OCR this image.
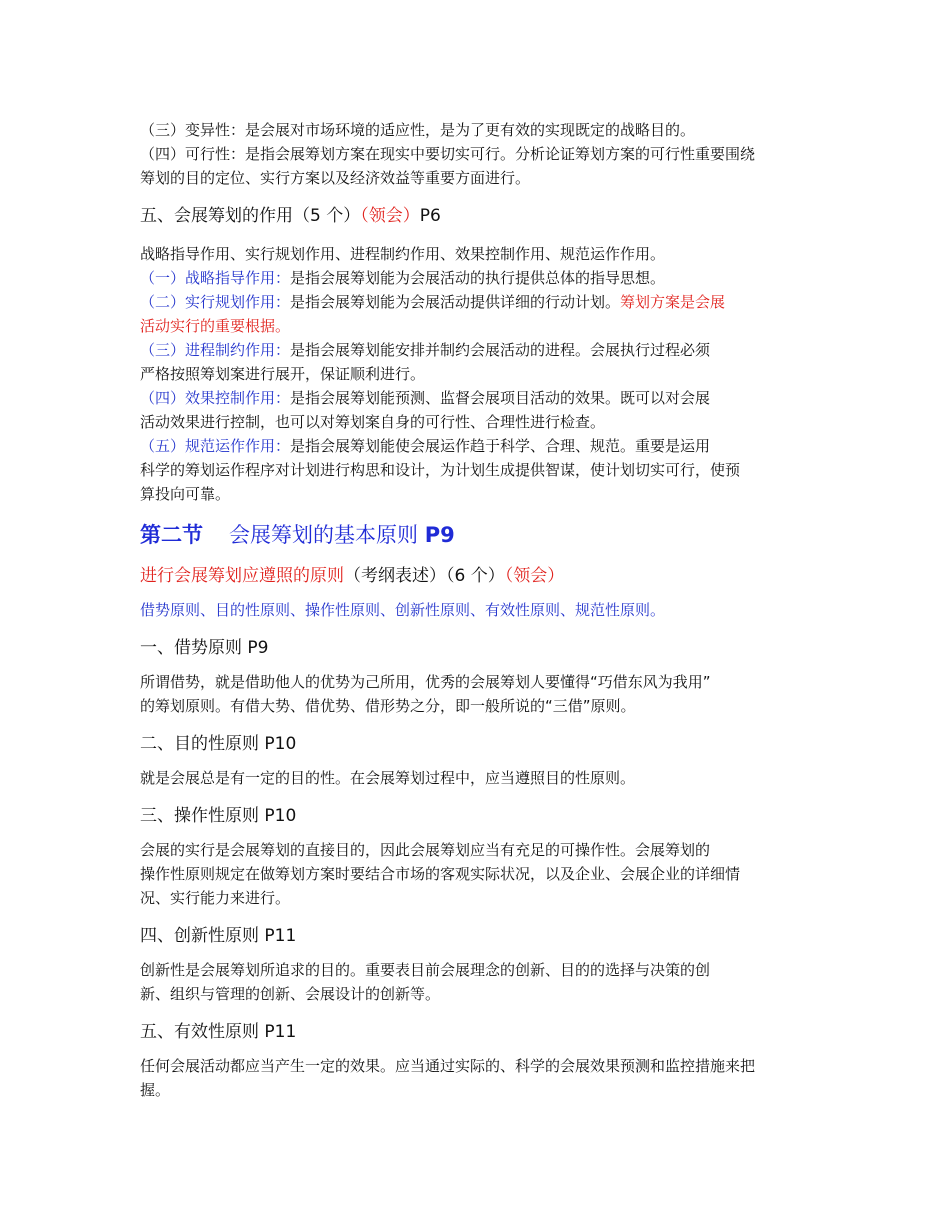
（三）变异性：是会展对市场环境的适应性，是为了更有效的实现既定的战略目的。

（四）可行性：是指会展筹划方案在现实中要切实可行。分析论证筹划方案的可行性重要围绕

筹划的目的定位、实行方案以及经济效益等重要方面进行。

五、会展筹划的作用（5 个）（领会）P6

战略指导作用、实行规划作用、进程制约作用、效果控制作用、规范运作作用。

（一）战略指导作用：是指会展筹划能为会展活动的执行提供总体的指导思想。

（二）实行规划作用：是指会展筹划能为会展活动提供详细的行动计划。筹划方案是会展

活动实行的重要根据。

（三）进程制约作用：是指会展筹划能安排并制约会展活动的进程。会展执行过程必须

严格按照筹划案进行展开，保证顺利进行。

（四）效果控制作用：是指会展筹划能预测、监督会展项目活动的效果。既可以对会展

活动效果进行控制，也可以对筹划案自身的可行性、合理性进行检查。

（五）规范运作作用：是指会展筹划能使会展运作趋于科学、合理、规范。重要是运用

科学的筹划运作程序对计划进行构思和设计，为计划生成提供智谋，使计划切实可行，使预

算投向可靠。

第二节 会展筹划的基本原则 P9

进行会展筹划应遵照的原则（考纲表述）（6 个）（领会）

借势原则、目的性原则、操作性原则、创新性原则、有效性原则、规范性原则。

一、借势原则 P9

所谓借势，就是借助他人的优势为己所用，优秀的会展筹划人要懂得“巧借东风为我用”

的筹划原则。有借大势、借优势、借形势之分，即一般所说的“三借”原则。

二、目的性原则 P10

就是会展总是有一定的目的性。在会展筹划过程中，应当遵照目的性原则。

三、操作性原则 P10

会展的实行是会展筹划的直接目的，因此会展筹划应当有充足的可操作性。会展筹划的

操作性原则规定在做筹划方案时要结合市场的客观实际状况，以及企业、会展企业的详细情

况、实行能力来进行。

四、创新性原则 P11

创新性是会展筹划所追求的目的。重要表目前会展理念的创新、目的的选择与决策的创

新、组织与管理的创新、会展设计的创新等。

五、有效性原则 P11

任何会展活动都应当产生一定的效果。应当通过实际的、科学的会展效果预测和监控措施来把

握。
